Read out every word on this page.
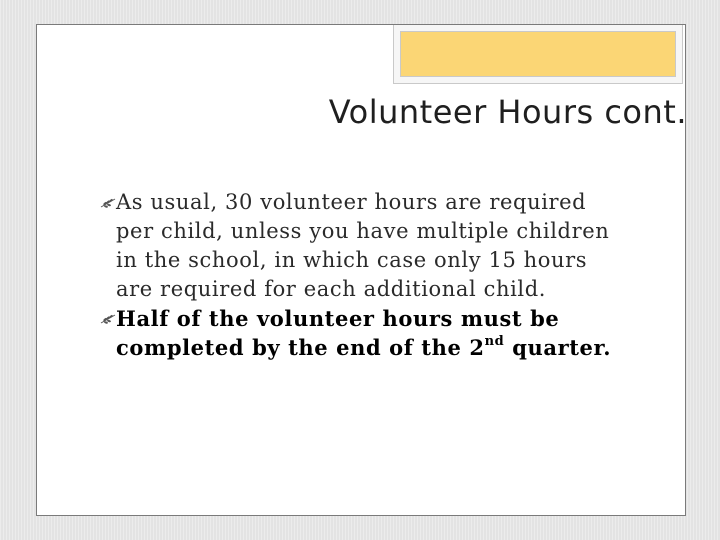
Volunteer Hours cont.
As usual, 30 volunteer hours are required per child, unless you have multiple children in the school, in which case only 15 hours are required for each additional child.
Half of the volunteer hours must be completed by the end of the 2nd quarter.
